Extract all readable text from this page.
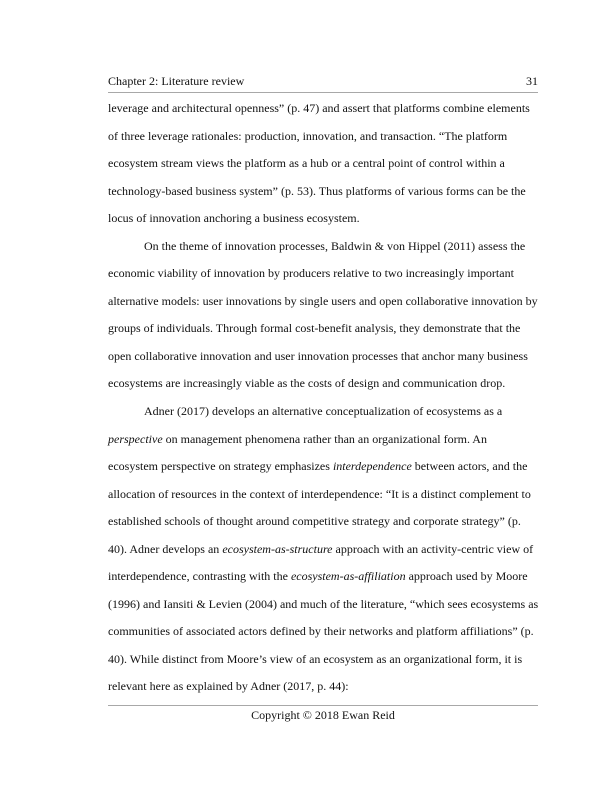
Chapter 2: Literature review	31
leverage and architectural openness” (p. 47) and assert that platforms combine elements
of three leverage rationales: production, innovation, and transaction. “The platform
ecosystem stream views the platform as a hub or a central point of control within a
technology-based business system” (p. 53). Thus platforms of various forms can be the
locus of innovation anchoring a business ecosystem.
On the theme of innovation processes, Baldwin & von Hippel (2011) assess the
economic viability of innovation by producers relative to two increasingly important
alternative models: user innovations by single users and open collaborative innovation by
groups of individuals. Through formal cost-benefit analysis, they demonstrate that the
open collaborative innovation and user innovation processes that anchor many business
ecosystems are increasingly viable as the costs of design and communication drop.
Adner (2017) develops an alternative conceptualization of ecosystems as a
perspective on management phenomena rather than an organizational form. An
ecosystem perspective on strategy emphasizes interdependence between actors, and the
allocation of resources in the context of interdependence: “It is a distinct complement to
established schools of thought around competitive strategy and corporate strategy” (p.
40). Adner develops an ecosystem-as-structure approach with an activity-centric view of
interdependence, contrasting with the ecosystem-as-affiliation approach used by Moore
(1996) and Iansiti & Levien (2004) and much of the literature, “which sees ecosystems as
communities of associated actors defined by their networks and platform affiliations” (p.
40). While distinct from Moore’s view of an ecosystem as an organizational form, it is
relevant here as explained by Adner (2017, p. 44):
Copyright © 2018 Ewan Reid
